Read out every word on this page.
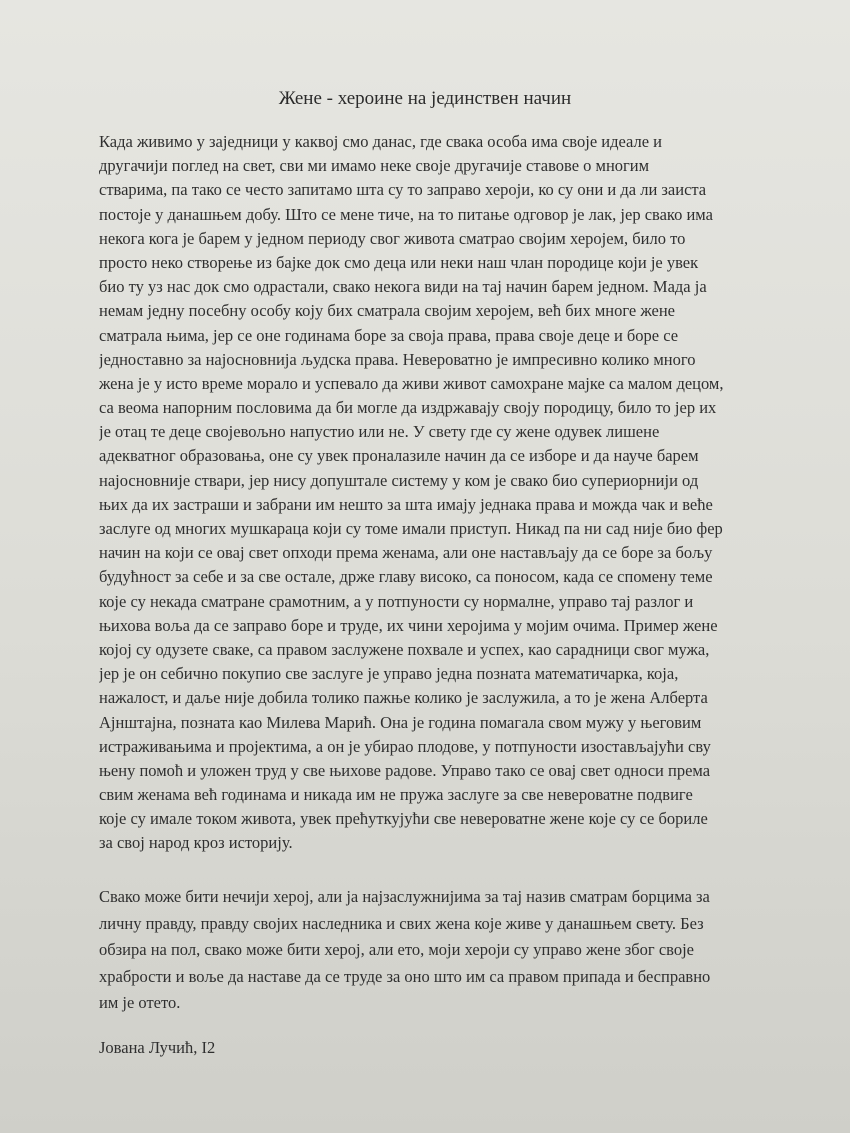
Жене - хероине на јединствен начин
Када живимо у заједници у каквој смо данас, где свака особа има своје идеале и
другачији поглед на свет, сви ми имамо неке своје другачије ставове о многим
стварима, па тако се често запитамо шта су то заправо хероји, ко су они и да ли заиста
постоје у данашњем добу. Што се мене тиче, на то питање одговор је лак, јер свако има
некога кога је барем у једном периоду свог живота сматрао својим херојем, било то
просто неко створење из бајке док смо деца или неки наш члан породице који је увек
био ту уз нас док смо одрастали, свако некога види на тај начин барем једном. Мада ја
немам једну посебну особу коју бих сматрала својим херојем, већ бих многе жене
сматрала њима, јер се оне годинама боре за своја права, права своје деце и боре се
једноставно за најосновнија људска права. Невероватно је импресивно колико много
жена је у исто време морало и успевало да живи живот самохране мајке са малом децом,
са веома напорним пословима да би могле да издржавају своју породицу, било то јер их
је отац те деце својевољно напустио или не. У свету где су жене одувек лишене
адекватног образовања, оне су увек проналазиле начин да се изборе и да науче барем
најосновније ствари, јер нису допуштале систему у ком је свако био супериорнији од
њих да их застраши и забрани им нешто за шта имају једнака права и можда чак и веће
заслуге од многих мушкараца који су томе имали приступ. Никад па ни сад није био фер
начин на који се овај свет опходи према женама, али оне настављају да се боре за бољу
будућност за себе и за све остале, држе главу високо, са поносом, када се спомену теме
које су некада сматране срамотним, а у потпуности су нормалне, управо тај разлог и
њихова воља да се заправо боре и труде, их чини херојима у мојим очима. Пример жене
којој су одузете сваке, са правом заслужене похвале и успех, као сарадници свог мужа,
јер је он себично покупио све заслуге је управо једна позната математичарка, која,
нажалост, и даље није добила толико пажње колико је заслужила, а то је жена Алберта
Ајнштајна, позната као Милева Марић. Она је година помагала свом мужу у његовим
истраживањима и пројектима, а он је убирао плодове, у потпуности изостављајући сву
њену помоћ и уложен труд у све њихове радове. Управо тако се овај свет односи према
свим женама већ годинама и никада им не пружа заслуге за све невероватне подвиге
које су имале током живота, увек прећуткујући све невероватне жене које су се бориле
за свој народ кроз историју.
Свако може бити нечији херој, али ја најзаслужнијима за тај назив сматрам борцима за
личну правду, правду својих наследника и свих жена које живе у данашњем свету. Без
обзира на пол, свако може бити херој, али ето, моји хероји су управо жене због своје
храбрости и воље да наставе да се труде за оно што им са правом припада и бесправно
им је отето.

Јована Лучић, I2
